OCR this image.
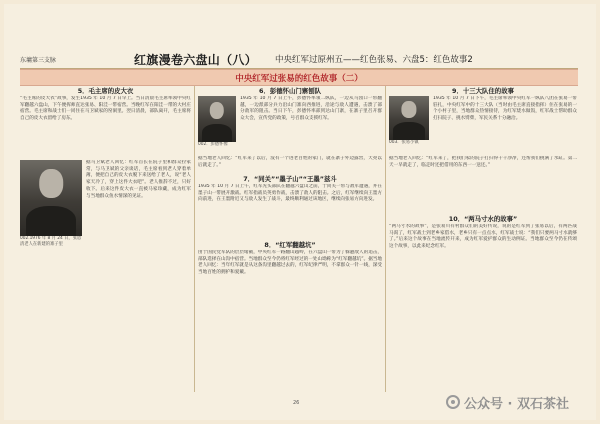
东墉第三支脉	红旗漫卷六盘山（八） 中央红军过原州五——红色张易、六盘5：红色故事2
中央红军过张易的红色故事（二）
5．毛主席的皮大衣
“毛主席的皮大衣”故事，发生1935 年 10 月 7 日早上。当日清晨毛主席率领中央红军翻越六盘山，下午便挥师直达张易、阳洼一带宿营。当晚红军在阳洼一带的大村庄宿营。毛主席和战士们一同住在马卫斌家的窑洞里。翌日清晨，部队离开，毛主席将自己的皮大衣留给了房东。
002.1976 年 8 月 24 日，张恩清老人在新建的寨子里
据马卫斌老人回忆：红军首长在院子里和群众拉家常，与马卫斌的父亲谈话，毛主席看到老人穿着单薄，便把自己的皮大衣脱下来送给了老人，说“老人家天冷了，穿上这件大衣吧”。老人推辞不过，只好收下。后来这件皮大衣一直被马家珍藏，成为红军与当地群众鱼水情深的见证。
6．彭德怀山门寨刨队
002．彭德怀像
1935 年 10 月 7 日上午，彭德怀率领二纵队，一边从马园口一带翻越，一边派部分兵力沿山门寨向西推进，沿途与敌人遭遇，击溃了部分敌军的阻击。当日下午，彭德怀率部到达山门寨，在寨子里召开群众大会，宣传党的政策，号召群众支援红军。
据当地老人回忆：“红军来了以后，没有一个进老百姓的家门，就在寨子外边露营，天亮以后就走了。”
7．“同关”“墨子山”“王墨”兹斗
1935 年 10 月 7 日上午，红军先头部队在翻越六盘山之前，于同关一带与敌军遭遇，并在墨子山一带展开激战。红军指战员英勇作战，击溃了敌人的阻击。之后，红军继续向王墨方向前进，在王墨附近又与敌人发生了战斗，最终顺利通过该地区，继续向张易方向进发。
8．“红军翻越坑”
由于国民党军队的层层堵截，中央红军一路翻山越岭，在六盘山一带为了躲避敌人的追击，部队选择在山沟中宿营。当地群众至今仍将红军经过的一处山坳称为“红军翻越坑”。据当地老人回忆：当年红军就是从这条沟里翻越过去的，红军纪律严明，不拿群众一针一线，深受当地百姓的拥护和爱戴。
9．十三大队住的故事
003．张易小镇
1935 年 10 月 7 日下午，毛主席率领中央红军一纵队八团在张易一带驻扎，中央红军中的十三大队（当时由毛主席直接指挥）住在张易的一个小村子里，当地群众热情接待，为红军烧水做饭，红军战士帮助群众打扫院子、挑水劈柴，军民关系十分融洽。
据当地老人回忆：“红军来了，把我们家的院子打扫得干干净净，还帮我们挑满了水缸。第二天一早就走了，临走时还把借用的东西一一送还。”
10．“两马寸水的故事”
“两马寸水的故事”，是张易川有村群众们的美好传说，说的是红军到了张易以后，有两匹战马渴了，红军战士到老乡家借水，老乡只有一点点水，红军战士说：“我们只要两马寸水就够了。”后来这个故事在当地流传开来，成为红军爱护群众的生动例证。当地群众至今仍在传颂这个故事，以此来纪念红军。
26	公众号 · 双石茶社
